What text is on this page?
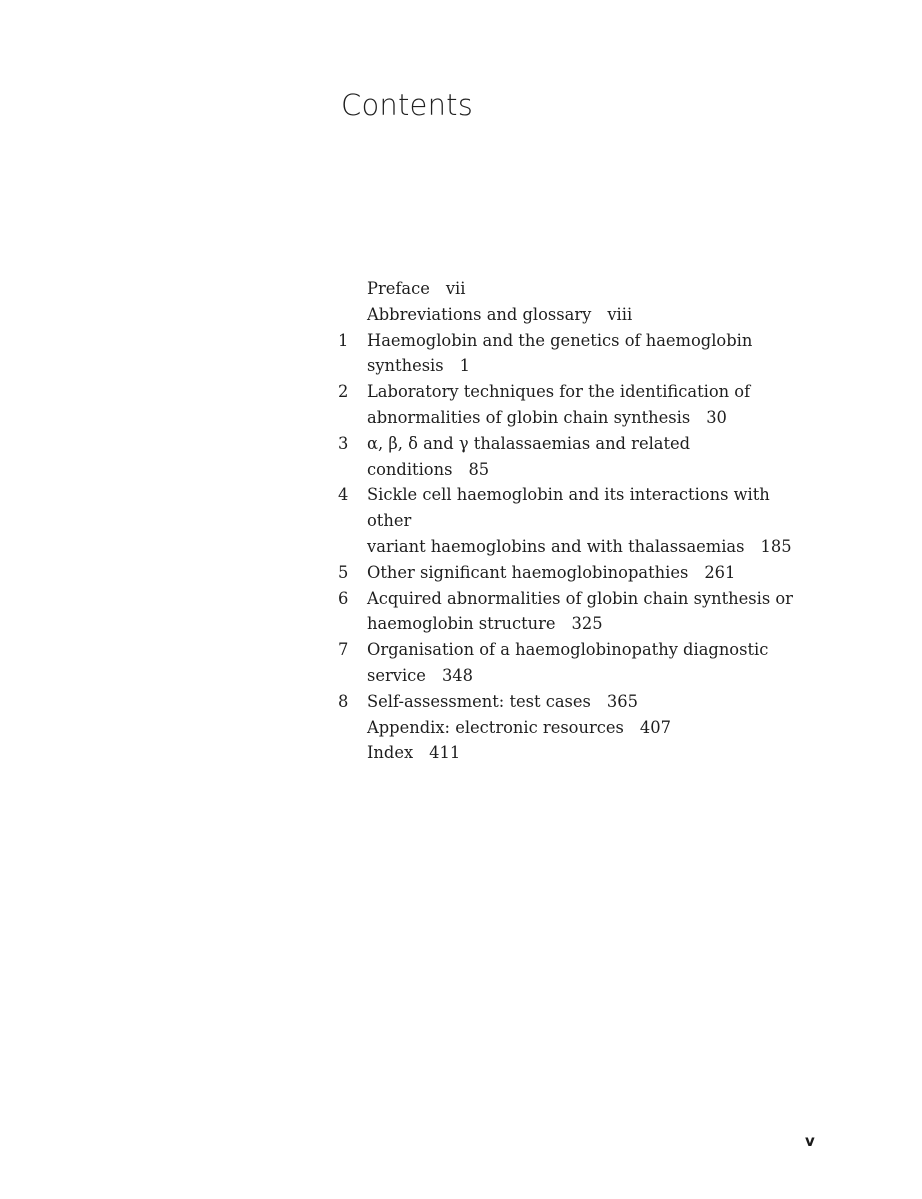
Contents
Preface vii
Abbreviations and glossary viii
1	Haemoglobin and the genetics of haemoglobin
synthesis 1
2	Laboratory techniques for the identification of
abnormalities of globin chain synthesis 30
3	α, β, δ and γ thalassaemias and related conditions 85
4	Sickle cell haemoglobin and its interactions with other
variant haemoglobins and with thalassaemias 185
5	Other significant haemoglobinopathies 261
6	Acquired abnormalities of globin chain synthesis or
haemoglobin structure 325
7	Organisation of a haemoglobinopathy diagnostic
service 348
8	Self-assessment: test cases 365
Appendix: electronic resources 407
Index 411
v
